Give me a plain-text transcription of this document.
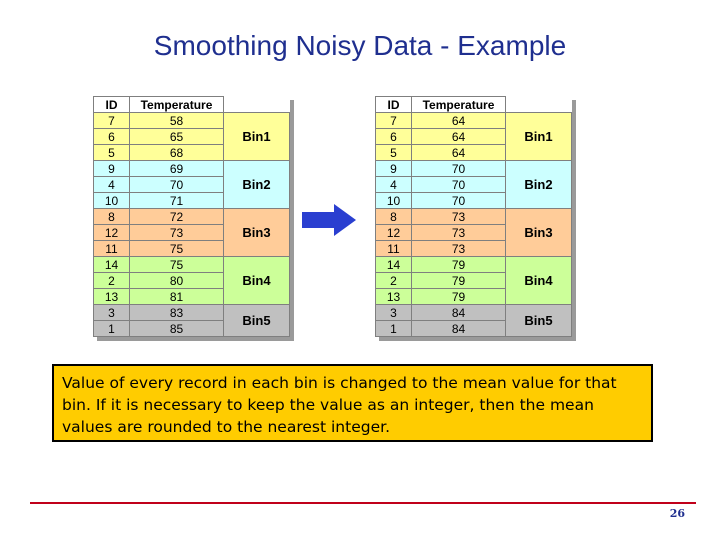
Smoothing Noisy Data - Example
ID	Temperature	
7	58	Bin1
6	65	
5	68	
9	69	Bin2
4	70	
10	71	
8	72	Bin3
12	73	
11	75	
14	75	Bin4
2	80	
13	81	
3	83	Bin5
1	85	
ID	Temperature	
7	64	Bin1
6	64	
5	64	
9	70	Bin2
4	70	
10	70	
8	73	Bin3
12	73	
11	73	
14	79	Bin4
2	79	
13	79	
3	84	Bin5
1	84	
Value of every record in each bin is changed to the mean value for that bin. If it is necessary to keep the value as an integer, then the mean values are rounded to the nearest integer.
26
